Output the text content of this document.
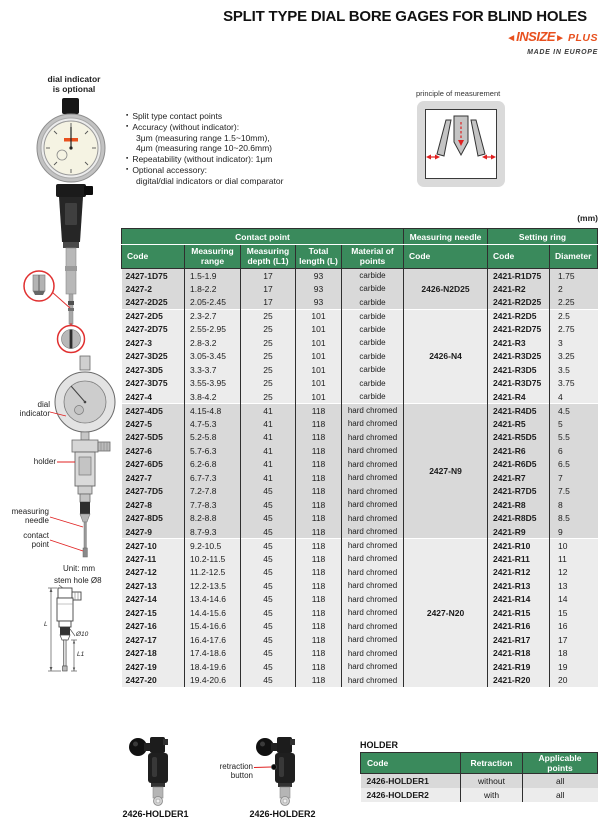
SPLIT TYPE DIAL BORE GAGES FOR BLIND HOLES
◄INSIZE► PLUS
MADE IN EUROPE
dial indicator
is optional
▪ Split type contact points
▪ Accuracy (without indicator):
3μm (measuring range 1.5~10mm),
4μm (measuring range 10~20.6mm)
▪ Repeatability (without indicator): 1μm
▪ Optional accessory:
digital/dial indicators or dial comparator
principle of measurement
(mm)
Contact point					Measuring needle	Setting ring	
Code	Measuring range	Measuring depth (L1)	Total length (L)	Material of points	Code	Code	Diameter
2427-1D75	1.5-1.9	17	93	carbide	2426-N2D25	2421-R1D75	1.75
2427-2	1.8-2.2	17	93	carbide		2421-R2	2
2427-2D25	2.05-2.45	17	93	carbide		2421-R2D25	2.25
2427-2D5	2.3-2.7	25	101	carbide	2426-N4	2421-R2D5	2.5
2427-2D75	2.55-2.95	25	101	carbide		2421-R2D75	2.75
2427-3	2.8-3.2	25	101	carbide		2421-R3	3
2427-3D25	3.05-3.45	25	101	carbide		2421-R3D25	3.25
2427-3D5	3.3-3.7	25	101	carbide		2421-R3D5	3.5
2427-3D75	3.55-3.95	25	101	carbide		2421-R3D75	3.75
2427-4	3.8-4.2	25	101	carbide		2421-R4	4
2427-4D5	4.15-4.8	41	118	hard chromed	2427-N9	2421-R4D5	4.5
2427-5	4.7-5.3	41	118	hard chromed		2421-R5	5
2427-5D5	5.2-5.8	41	118	hard chromed		2421-R5D5	5.5
2427-6	5.7-6.3	41	118	hard chromed		2421-R6	6
2427-6D5	6.2-6.8	41	118	hard chromed		2421-R6D5	6.5
2427-7	6.7-7.3	41	118	hard chromed		2421-R7	7
2427-7D5	7.2-7.8	45	118	hard chromed		2421-R7D5	7.5
2427-8	7.7-8.3	45	118	hard chromed		2421-R8	8
2427-8D5	8.2-8.8	45	118	hard chromed		2421-R8D5	8.5
2427-9	8.7-9.3	45	118	hard chromed		2421-R9	9
2427-10	9.2-10.5	45	118	hard chromed	2427-N20	2421-R10	10
2427-11	10.2-11.5	45	118	hard chromed		2421-R11	11
2427-12	11.2-12.5	45	118	hard chromed		2421-R12	12
2427-13	12.2-13.5	45	118	hard chromed		2421-R13	13
2427-14	13.4-14.6	45	118	hard chromed		2421-R14	14
2427-15	14.4-15.6	45	118	hard chromed		2421-R15	15
2427-16	15.4-16.6	45	118	hard chromed		2421-R16	16
2427-17	16.4-17.6	45	118	hard chromed		2421-R17	17
2427-18	17.4-18.6	45	118	hard chromed		2421-R18	18
2427-19	18.4-19.6	45	118	hard chromed		2421-R19	19
2427-20	19.4-20.6	45	118	hard chromed		2421-R20	20
dial indicator
holder
measuring needle
contact point
Unit: mm
stem hole Ø8
L
Ø10
L1
retraction button
2426-HOLDER1	2426-HOLDER2
HOLDER
Code	Retraction	Applicable points
2426-HOLDER1	without	all
2426-HOLDER2	with	all
